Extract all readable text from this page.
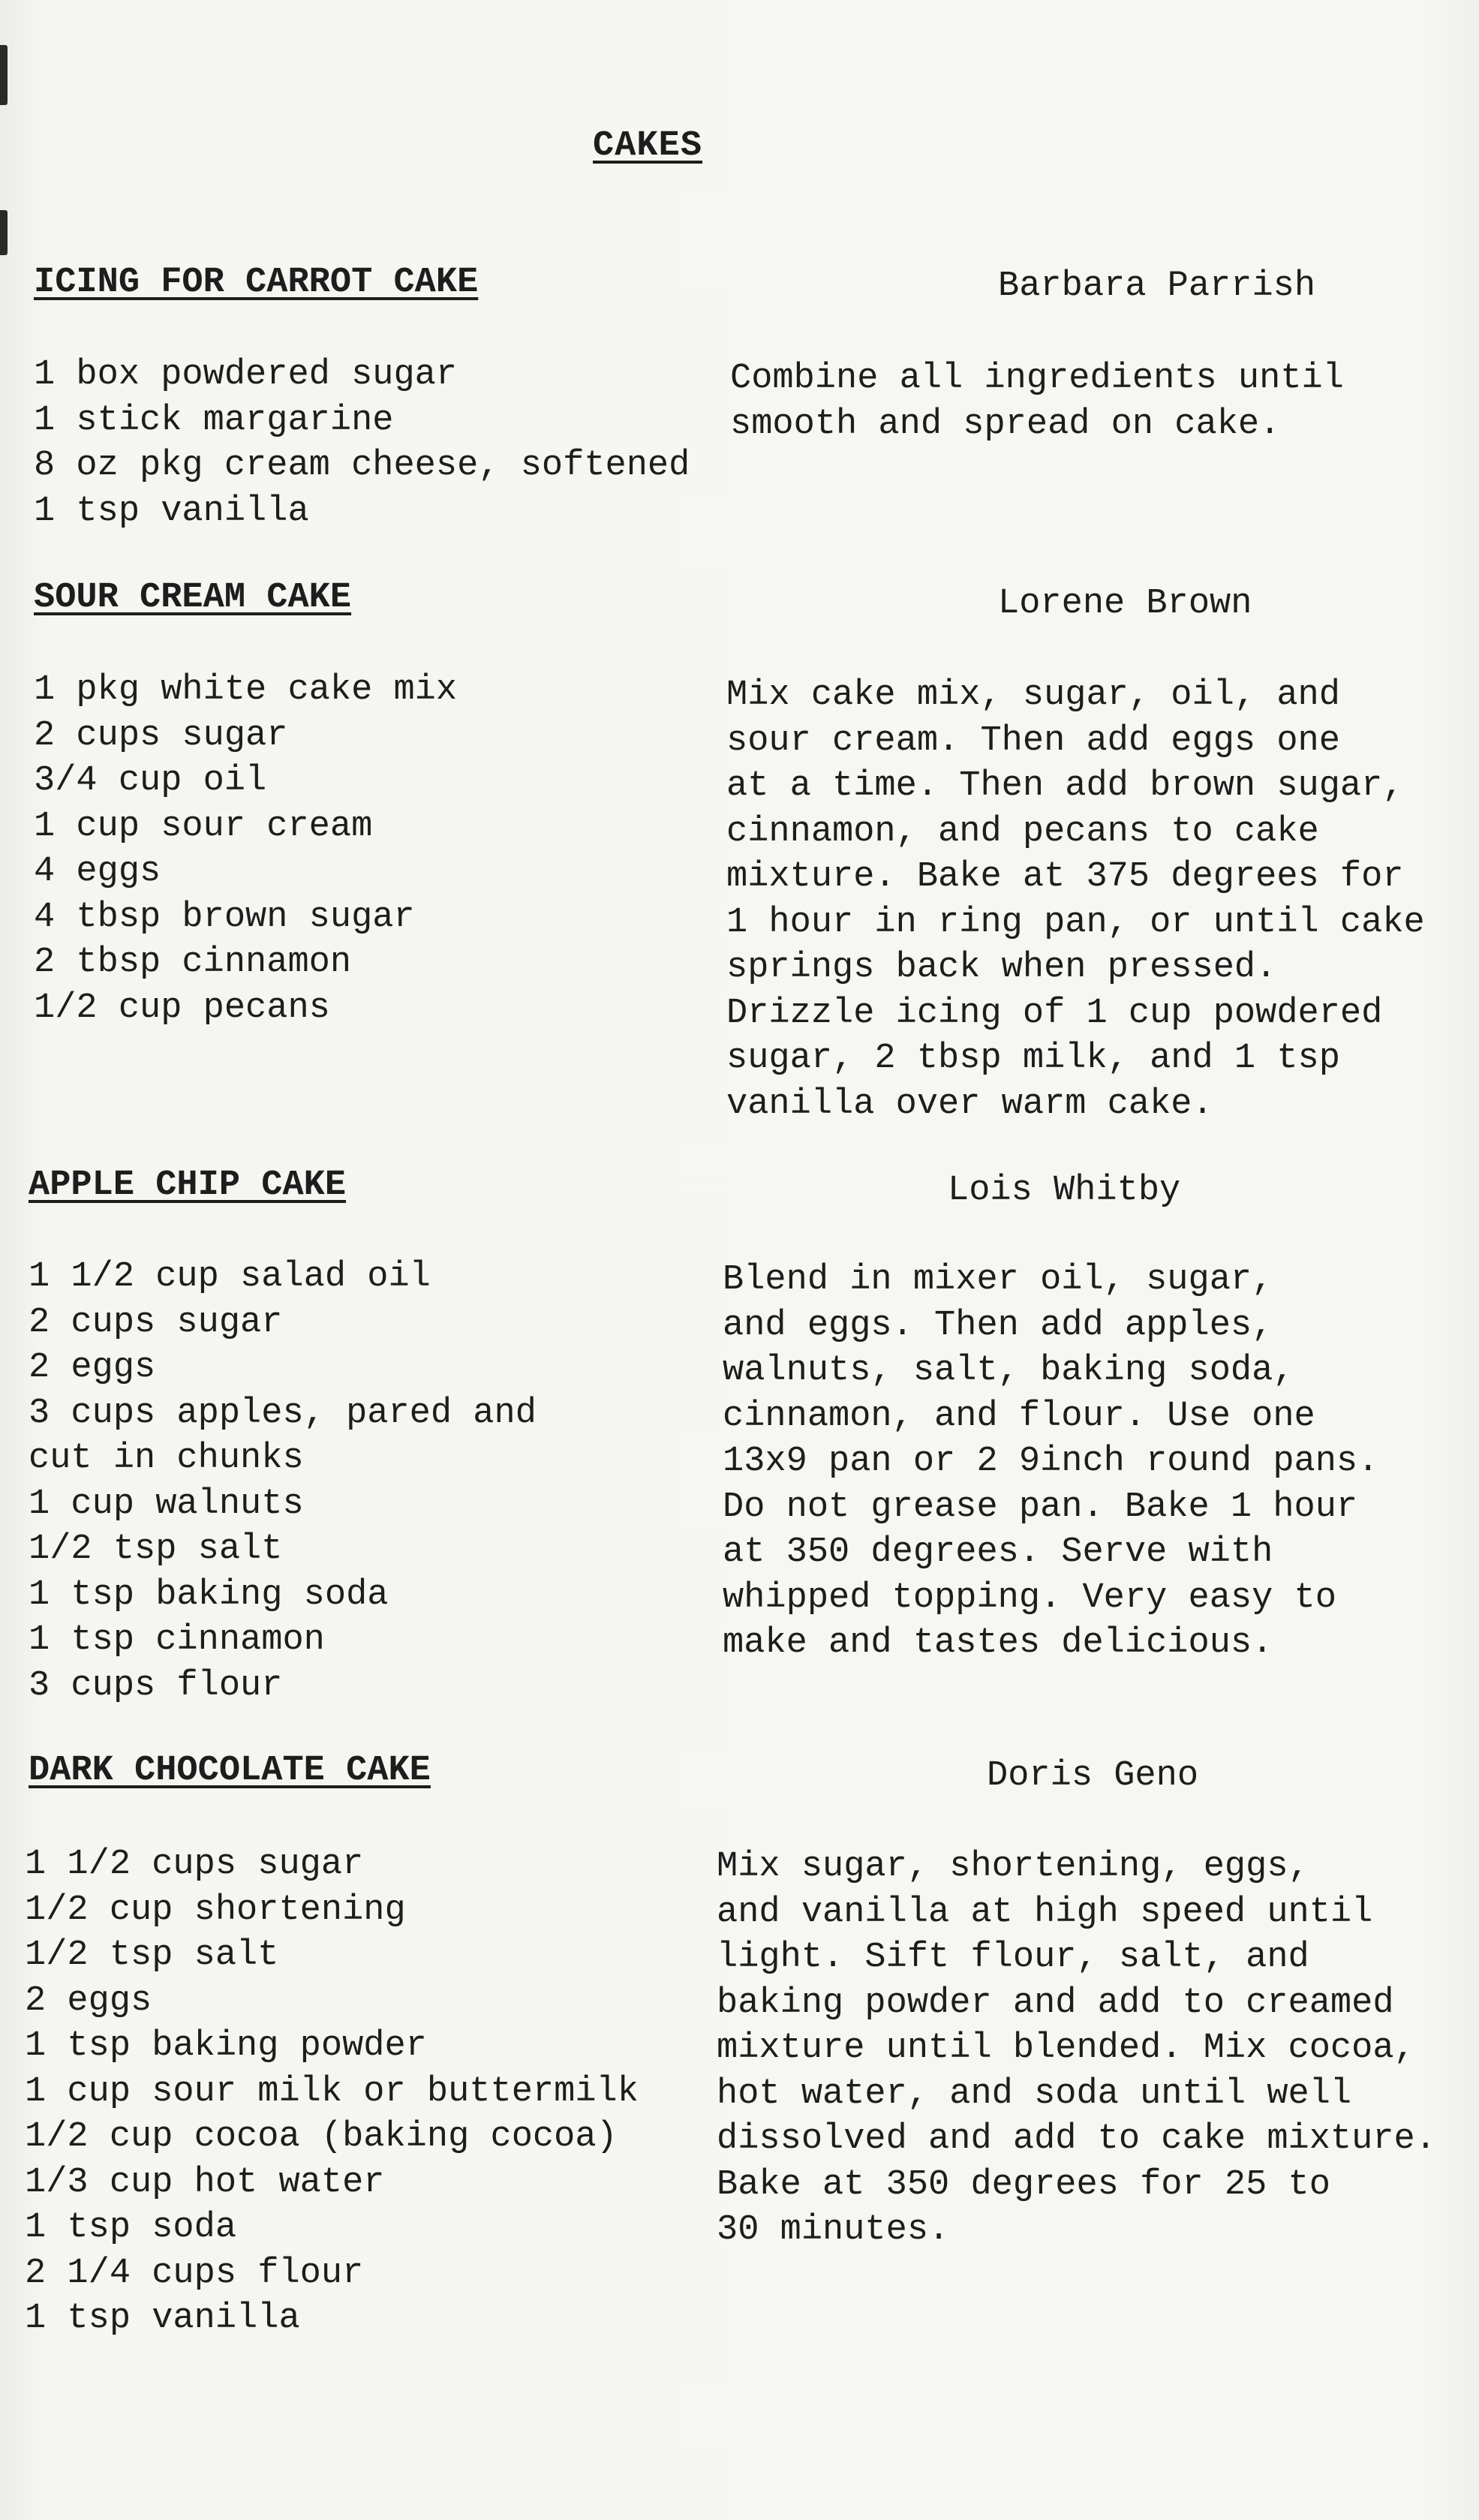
CAKES
ICING FOR CARROT CAKE	Barbara Parrish
1 box powdered sugar
1 stick margarine
8 oz pkg cream cheese, softened
1 tsp vanilla
Combine all ingredients until
smooth and spread on cake.
SOUR CREAM CAKE	Lorene Brown
1 pkg white cake mix
2 cups sugar
3/4 cup oil
1 cup sour cream
4 eggs
4 tbsp brown sugar
2 tbsp cinnamon
1/2 cup pecans
Mix cake mix, sugar, oil, and
sour cream. Then add eggs one
at a time. Then add brown sugar,
cinnamon, and pecans to cake
mixture. Bake at 375 degrees for
1 hour in ring pan, or until cake
springs back when pressed.
Drizzle icing of 1 cup powdered
sugar, 2 tbsp milk, and 1 tsp
vanilla over warm cake.
APPLE CHIP CAKE	Lois Whitby
1 1/2 cup salad oil
2 cups sugar
2 eggs
3 cups apples, pared and
cut in chunks
1 cup walnuts
1/2 tsp salt
1 tsp baking soda
1 tsp cinnamon
3 cups flour
Blend in mixer oil, sugar,
and eggs. Then add apples,
walnuts, salt, baking soda,
cinnamon, and flour. Use one
13x9 pan or 2 9inch round pans.
Do not grease pan. Bake 1 hour
at 350 degrees. Serve with
whipped topping. Very easy to
make and tastes delicious.
DARK CHOCOLATE CAKE	Doris Geno
1 1/2 cups sugar
1/2 cup shortening
1/2 tsp salt
2 eggs
1 tsp baking powder
1 cup sour milk or buttermilk
1/2 cup cocoa (baking cocoa)
1/3 cup hot water
1 tsp soda
2 1/4 cups flour
1 tsp vanilla
Mix sugar, shortening, eggs,
and vanilla at high speed until
light. Sift flour, salt, and
baking powder and add to creamed
mixture until blended. Mix cocoa,
hot water, and soda until well
dissolved and add to cake mixture.
Bake at 350 degrees for 25 to
30 minutes.
